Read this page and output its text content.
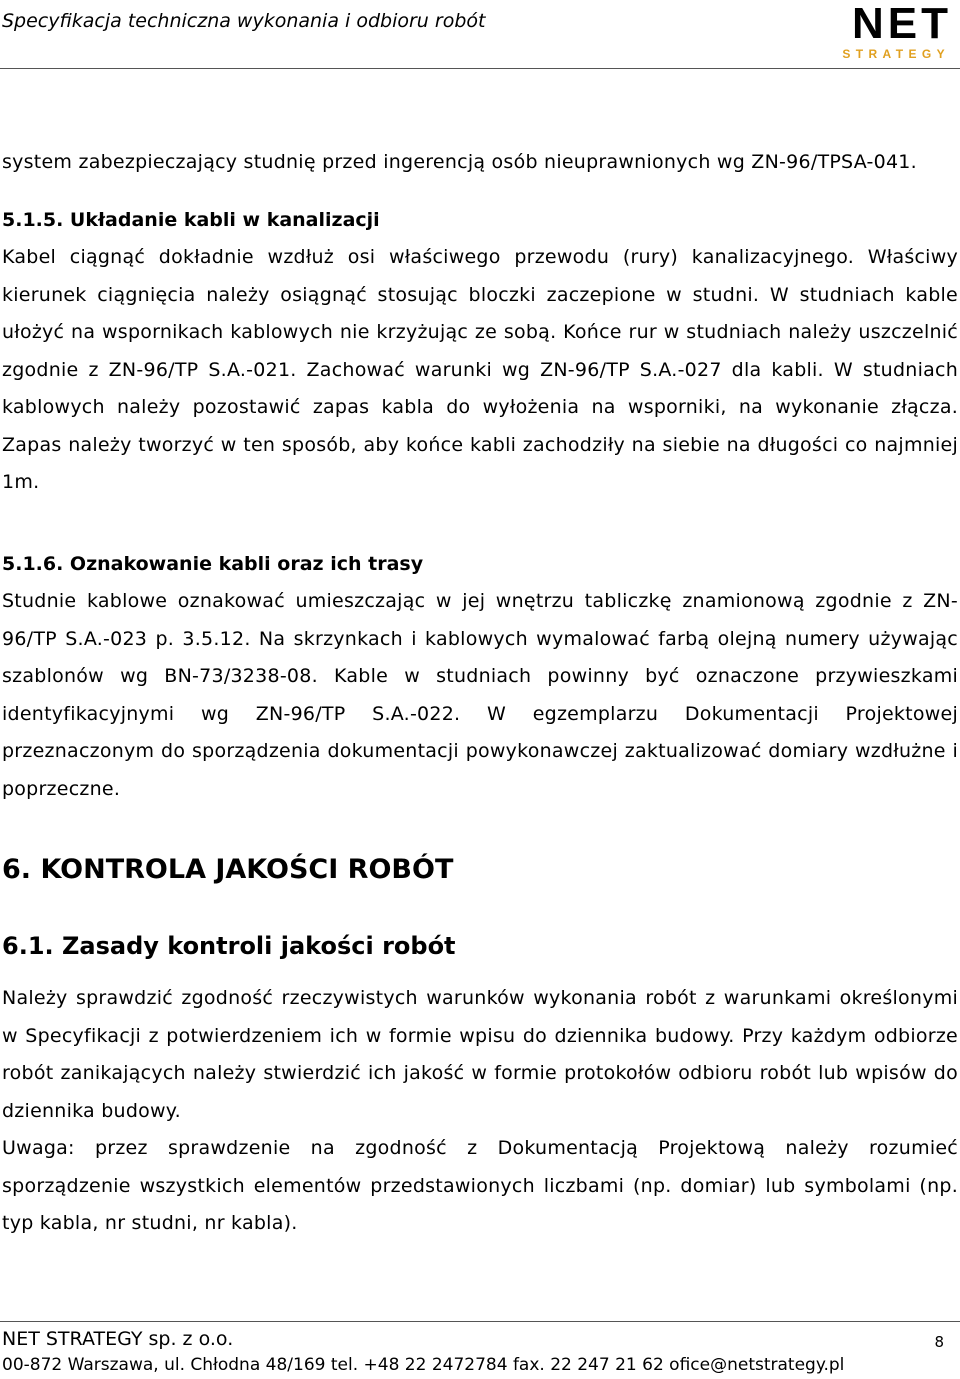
Specyfikacja techniczna wykonania i odbioru robót	NET
STRATEGY

system zabezpieczający studnię przed ingerencją osób nieuprawnionych wg ZN-96/TPSA-041.

5.1.5. Układanie kabli w kanalizacji

Kabel ciągnąć dokładnie wzdłuż osi właściwego przewodu (rury) kanalizacyjnego. Właściwy kierunek ciągnięcia należy osiągnąć stosując bloczki zaczepione w studni. W studniach kable ułożyć na wspornikach kablowych nie krzyżując ze sobą. Końce rur w studniach należy uszczelnić zgodnie z ZN-96/TP S.A.-021. Zachować warunki wg ZN-96/TP S.A.-027 dla kabli. W studniach kablowych należy pozostawić zapas kabla do wyłożenia na wsporniki, na wykonanie złącza. Zapas należy tworzyć w ten sposób, aby końce kabli zachodziły na siebie na długości co najmniej 1m.

5.1.6. Oznakowanie kabli oraz ich trasy

Studnie kablowe oznakować umieszczając w jej wnętrzu tabliczkę znamionową zgodnie z ZN-96/TP S.A.-023 p. 3.5.12. Na skrzynkach i kablowych wymalować farbą olejną numery używając szablonów wg BN-73/3238-08. Kable w studniach powinny być oznaczone przywieszkami identyfikacyjnymi wg ZN-96/TP S.A.-022. W egzemplarzu Dokumentacji Projektowej przeznaczonym do sporządzenia dokumentacji powykonawczej zaktualizować domiary wzdłużne i poprzeczne.

6. KONTROLA JAKOŚCI ROBÓT
6.1. Zasady kontroli jakości robót

Należy sprawdzić zgodność rzeczywistych warunków wykonania robót z warunkami określonymi w Specyfikacji z potwierdzeniem ich w formie wpisu do dziennika budowy. Przy każdym odbiorze robót zanikających należy stwierdzić ich jakość w formie protokołów odbioru robót lub wpisów do dziennika budowy.

Uwaga: przez sprawdzenie na zgodność z Dokumentacją Projektową należy rozumieć sporządzenie wszystkich elementów przedstawionych liczbami (np. domiar) lub symbolami (np. typ kabla, nr studni, nr kabla).

NET STRATEGY sp. z o.o.	8
00-872 Warszawa, ul. Chłodna 48/169 tel. +48 22 2472784 fax. 22 247 21 62 ofice@netstrategy.pl
